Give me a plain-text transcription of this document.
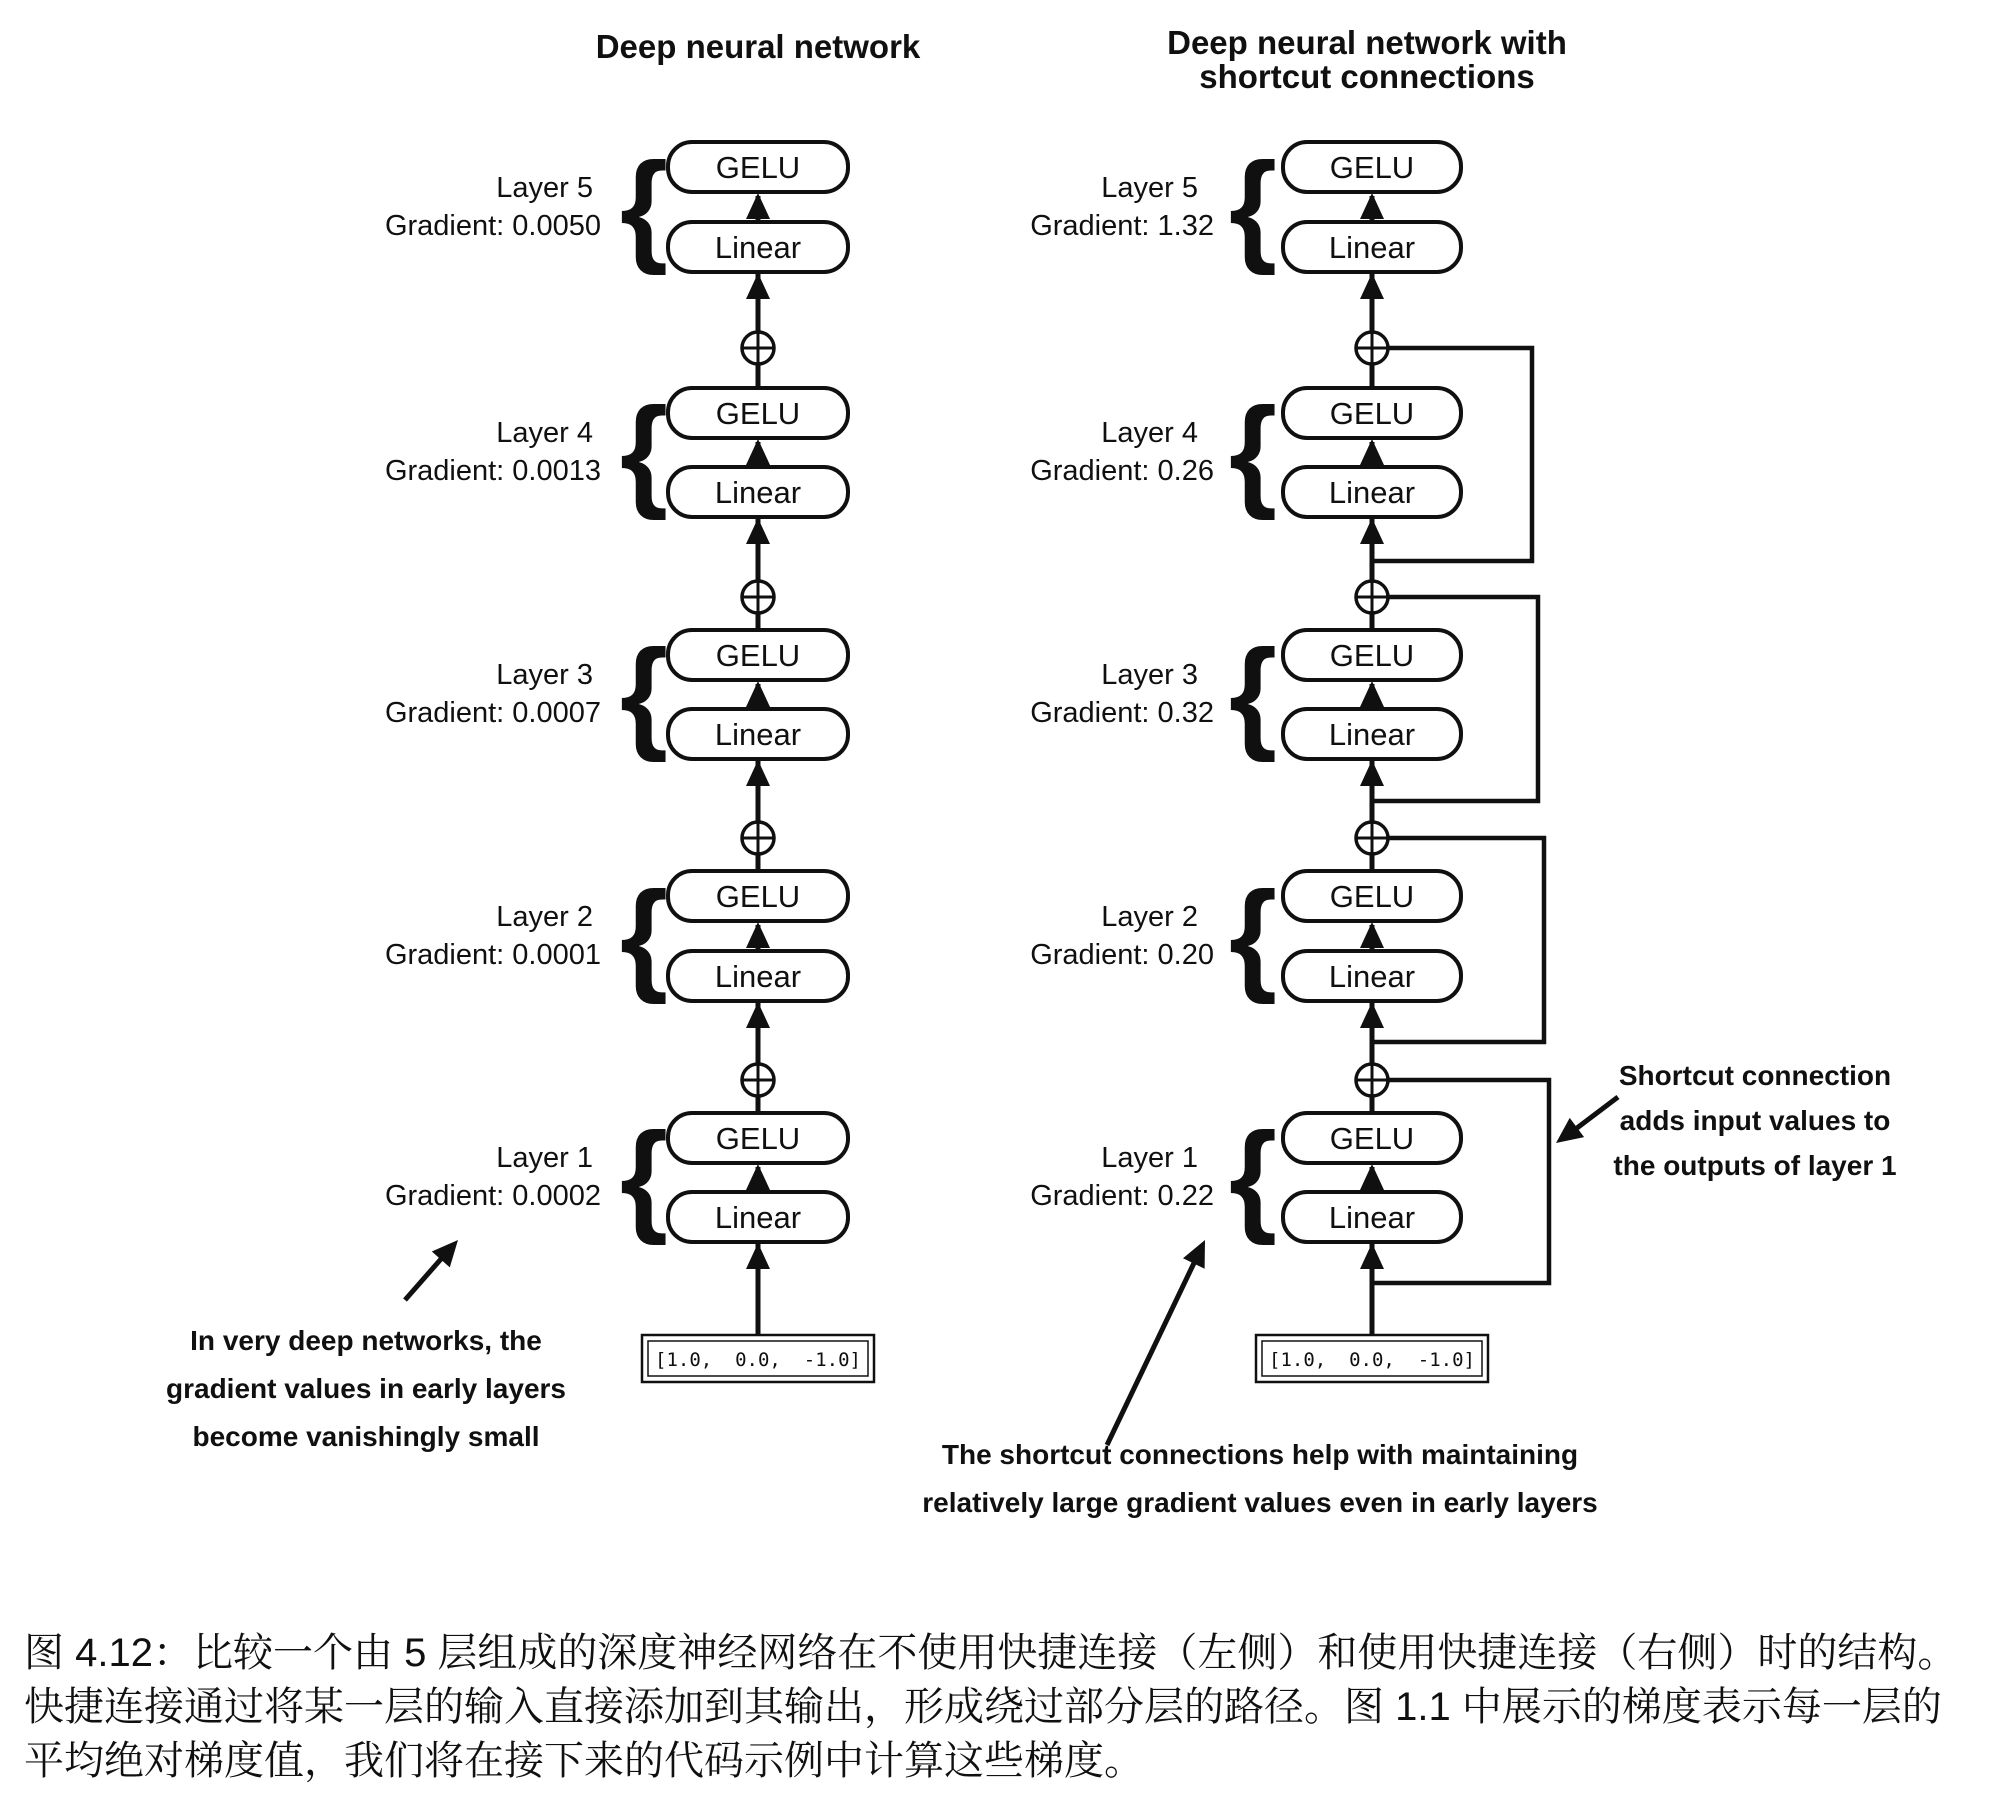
Deep neural network
{
Layer 5
Gradient: 0.0050
GELU
Linear
{
Layer 4
Gradient: 0.0013
GELU
Linear
{
Layer 3
Gradient: 0.0007
GELU
Linear
{
Layer 2
Gradient: 0.0001
GELU
Linear
{
Layer 1
Gradient: 0.0002
GELU
Linear
[1.0,  0.0,  -1.0]
Deep neural network with
shortcut connections
{
Layer 5
Gradient: 1.32
GELU
Linear
{
Layer 4
Gradient: 0.26
GELU
Linear
{
Layer 3
Gradient: 0.32
GELU
Linear
{
Layer 2
Gradient: 0.20
GELU
Linear
{
Layer 1
Gradient: 0.22
GELU
Linear
[1.0,  0.0,  -1.0]
In very deep networks, the
gradient values in early layers
become vanishingly small
Shortcut connection
adds input values to
the outputs of layer 1
The shortcut connections help with maintaining
relatively large gradient values even in early layers
图 4.12：比较一个由 5 层组成的深度神经网络在不使用快捷连接（左侧）和使用快捷连接（右侧）时的结构。
快捷连接通过将某一层的输入直接添加到其输出，形成绕过部分层的路径。图 1.1 中展示的梯度表示每一层的
平均绝对梯度值，我们将在接下来的代码示例中计算这些梯度。
